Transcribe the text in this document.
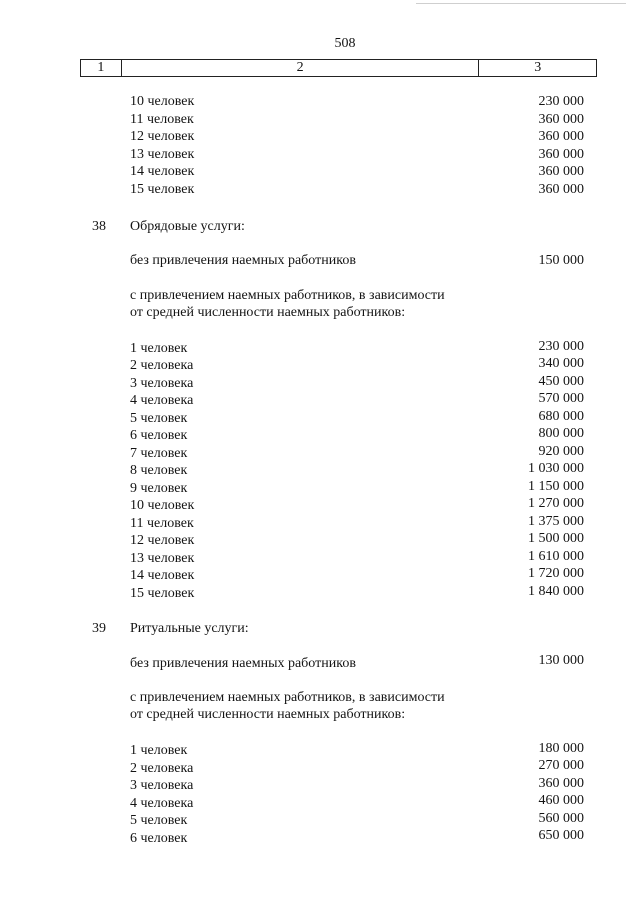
508
1	2	3
10 человек	230 000
11 человек	360 000
12 человек	360 000
13 человек	360 000
14 человек	360 000
15 человек	360 000
38 Обрядовые услуги:
без привлечения наемных работников	150 000
с привлечением наемных работников, в зависимости
от средней численности наемных работников:
1 человек	230 000
2 человека	340 000
3 человека	450 000
4 человека	570 000
5 человек	680 000
6 человек	800 000
7 человек	920 000
8 человек	1 030 000
9 человек	1 150 000
10 человек	1 270 000
11 человек	1 375 000
12 человек	1 500 000
13 человек	1 610 000
14 человек	1 720 000
15 человек	1 840 000
39 Ритуальные услуги:
без привлечения наемных работников	130 000
с привлечением наемных работников, в зависимости
от средней численности наемных работников:
1 человек	180 000
2 человека	270 000
3 человека	360 000
4 человека	460 000
5 человек	560 000
6 человек	650 000
